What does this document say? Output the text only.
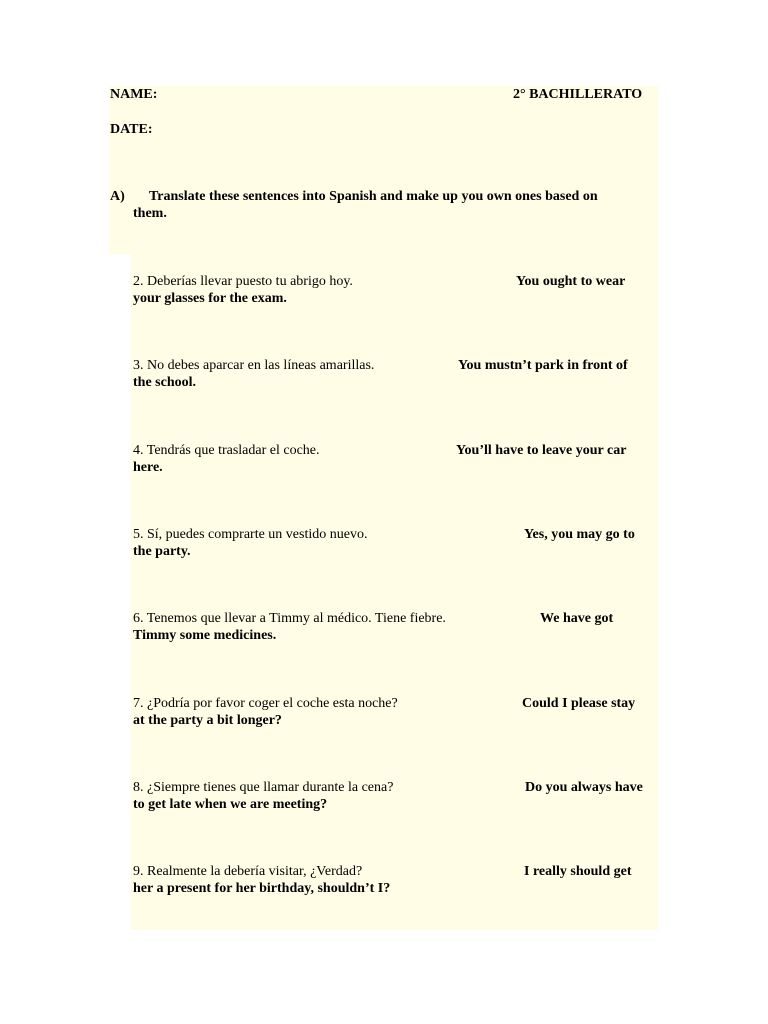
NAME:	2° BACHILLERATO
DATE:
A) Translate these sentences into Spanish and make up you own ones based on
them.
2. Deberías llevar puesto tu abrigo hoy.	You ought to wear
your glasses for the exam.
3. No debes aparcar en las líneas amarillas.	You mustn’t park in front of
the school.
4. Tendrás que trasladar el coche.	You’ll have to leave your car
here.
5. Sí, puedes comprarte un vestido nuevo.	Yes, you may go to
the party.
6. Tenemos que llevar a Timmy al médico. Tiene fiebre.	We have got
Timmy some medicines.
7. ¿Podría por favor coger el coche esta noche?	Could I please stay
at the party a bit longer?
8. ¿Siempre tienes que llamar durante la cena?	Do you always have
to get late when we are meeting?
9. Realmente la debería visitar, ¿Verdad?	I really should get
her a present for her birthday, shouldn’t I?
